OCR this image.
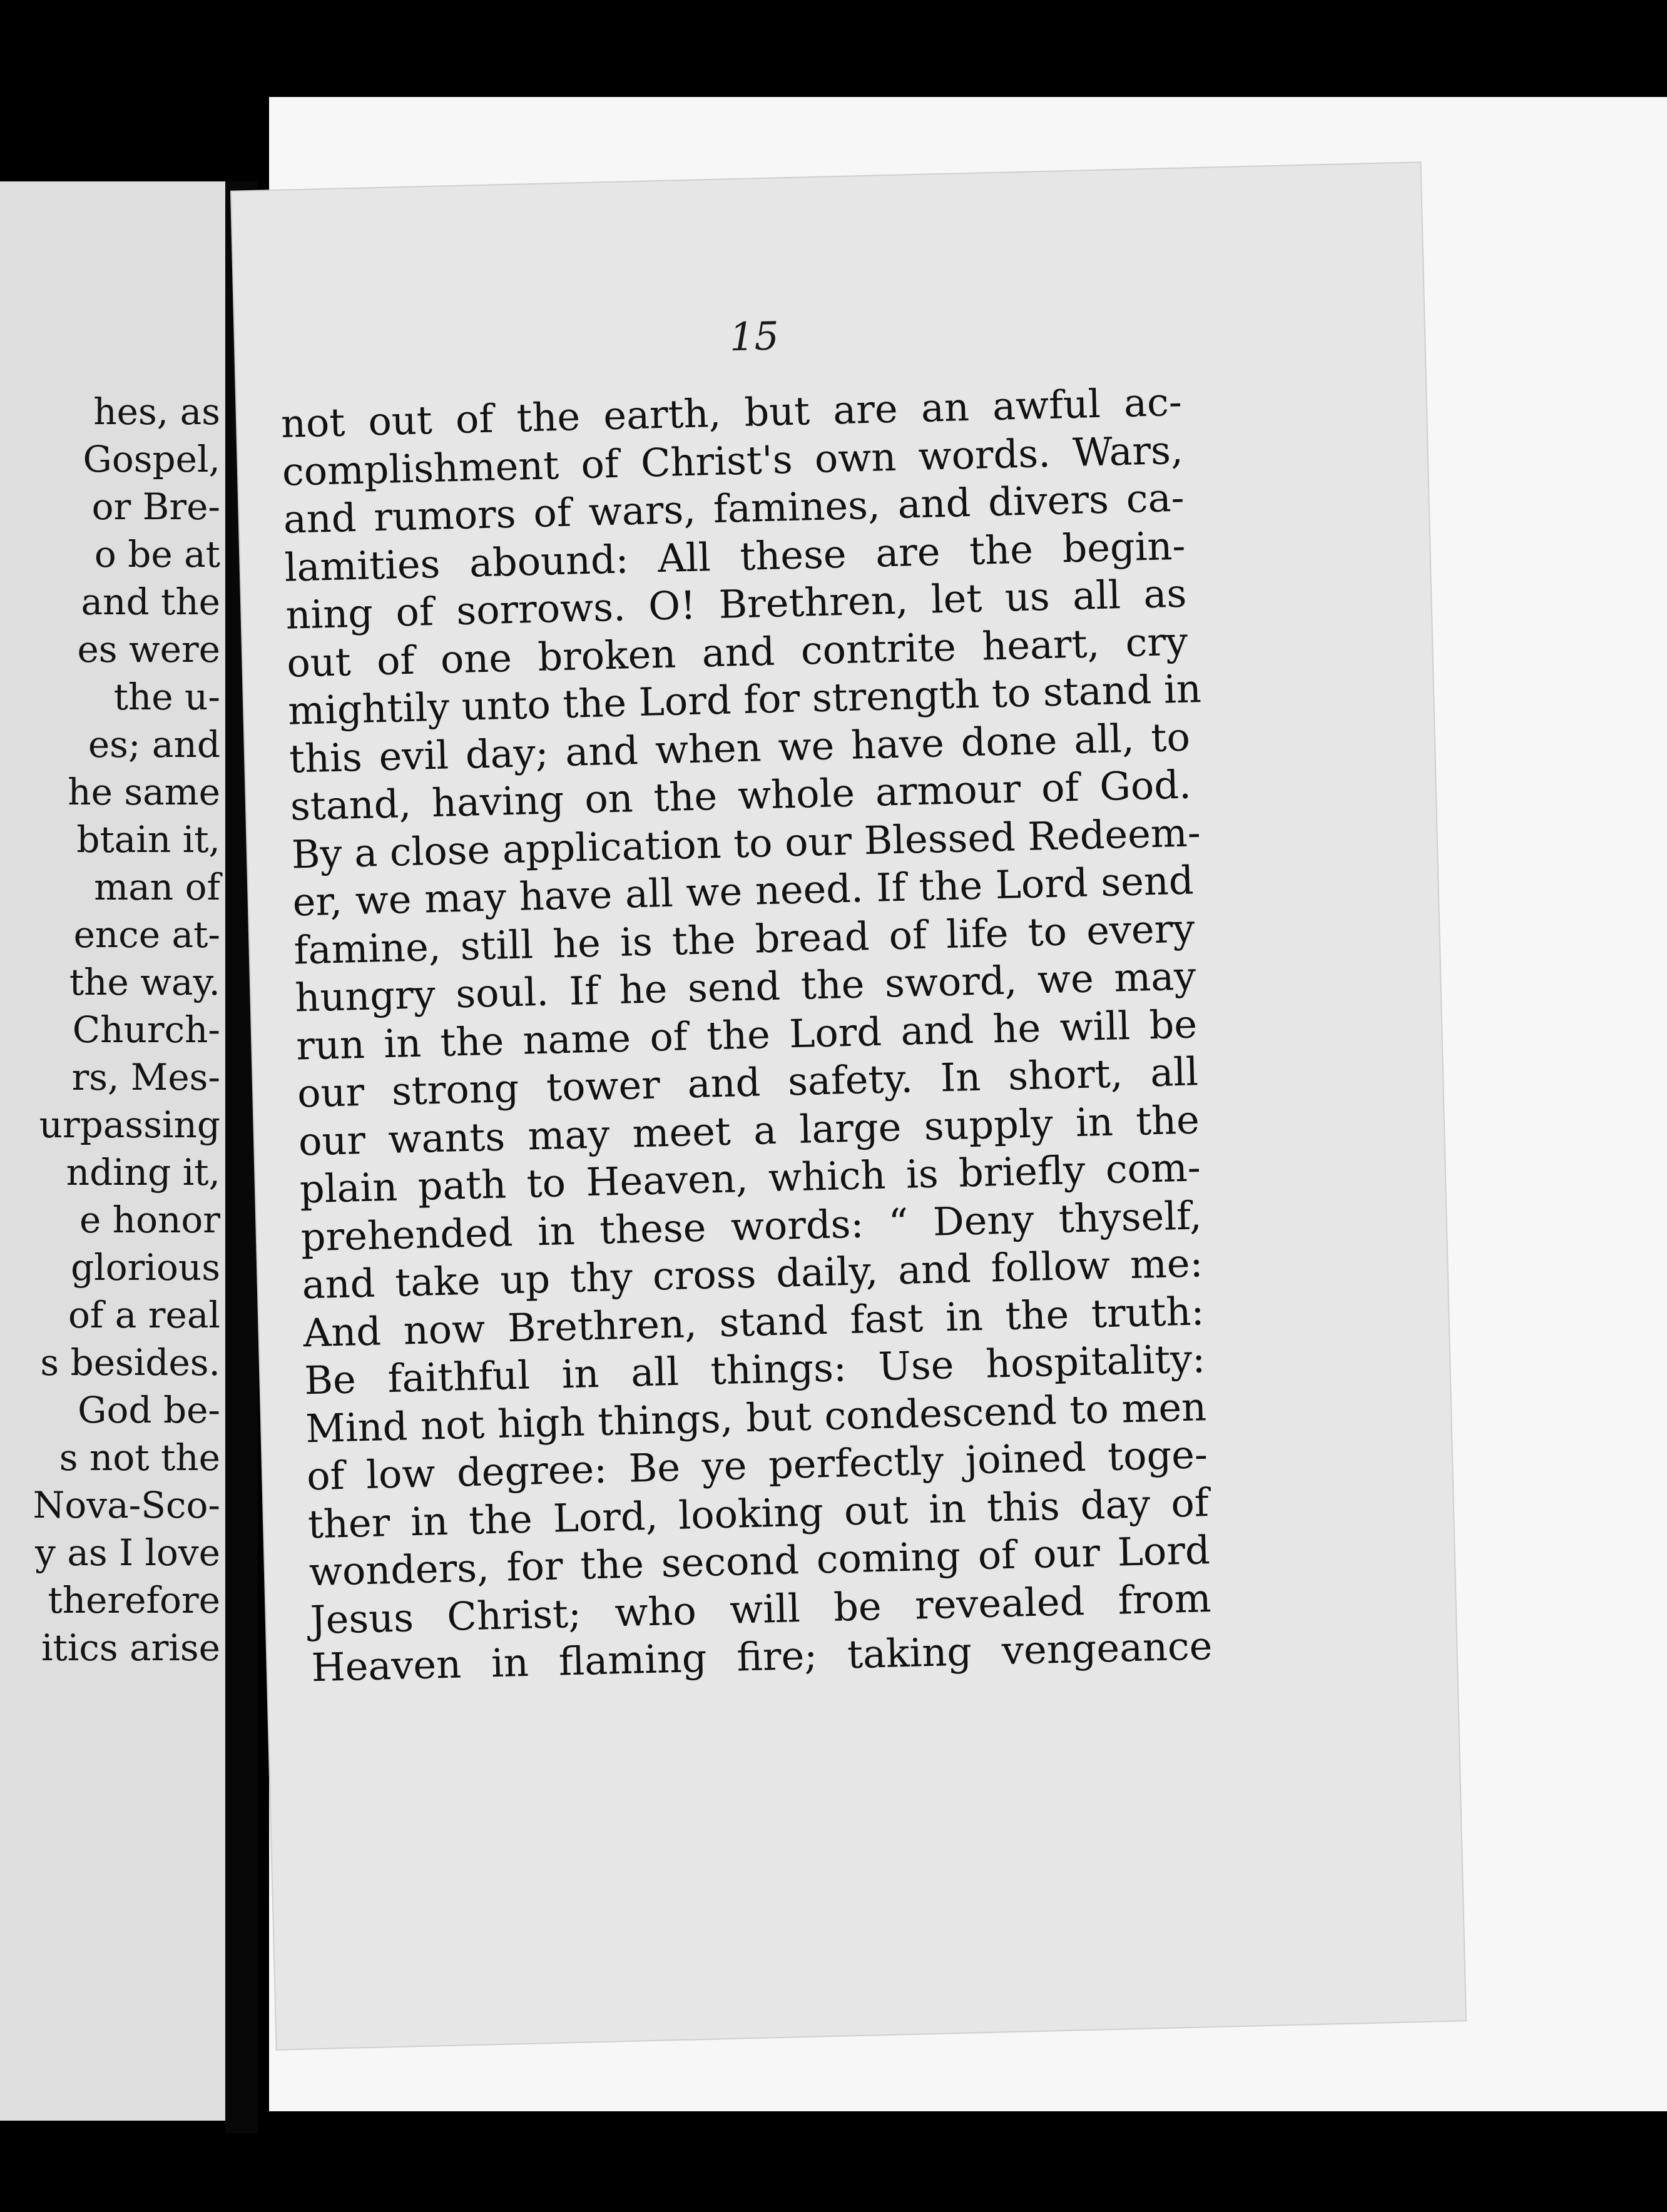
hes, as
Gospel,
or Bre-
o be at
and the
es were
the u-
es; and
he same
btain it,
man of
ence at-
the way.
Church-
rs, Mes-
urpassing
nding it,
e honor
glorious
of a real
s besides.
God be-
s not the
Nova-Sco-
y as I love
therefore
itics arise
15
not out of the earth, but are an awful ac-
complishment of Christ's own words. Wars,
and rumors of wars, famines, and divers ca-
lamities abound: All these are the begin-
ning of sorrows. O! Brethren, let us all as
out of one broken and contrite heart, cry
mightily unto the Lord for strength to stand in
this evil day; and when we have done all, to
stand, having on the whole armour of God.
By a close application to our Blessed Redeem-
er, we may have all we need. If the Lord send
famine, still he is the bread of life to every
hungry soul. If he send the sword, we may
run in the name of the Lord and he will be
our strong tower and safety. In short, all
our wants may meet a large supply in the
plain path to Heaven, which is briefly com-
prehended in these words: “ Deny thyself,
and take up thy cross daily, and follow me:
And now Brethren, stand fast in the truth:
Be faithful in all things: Use hospitality:
Mind not high things, but condescend to men
of low degree: Be ye perfectly joined toge-
ther in the Lord, looking out in this day of
wonders, for the second coming of our Lord
Jesus Christ; who will be revealed from
Heaven in flaming fire; taking vengeance
